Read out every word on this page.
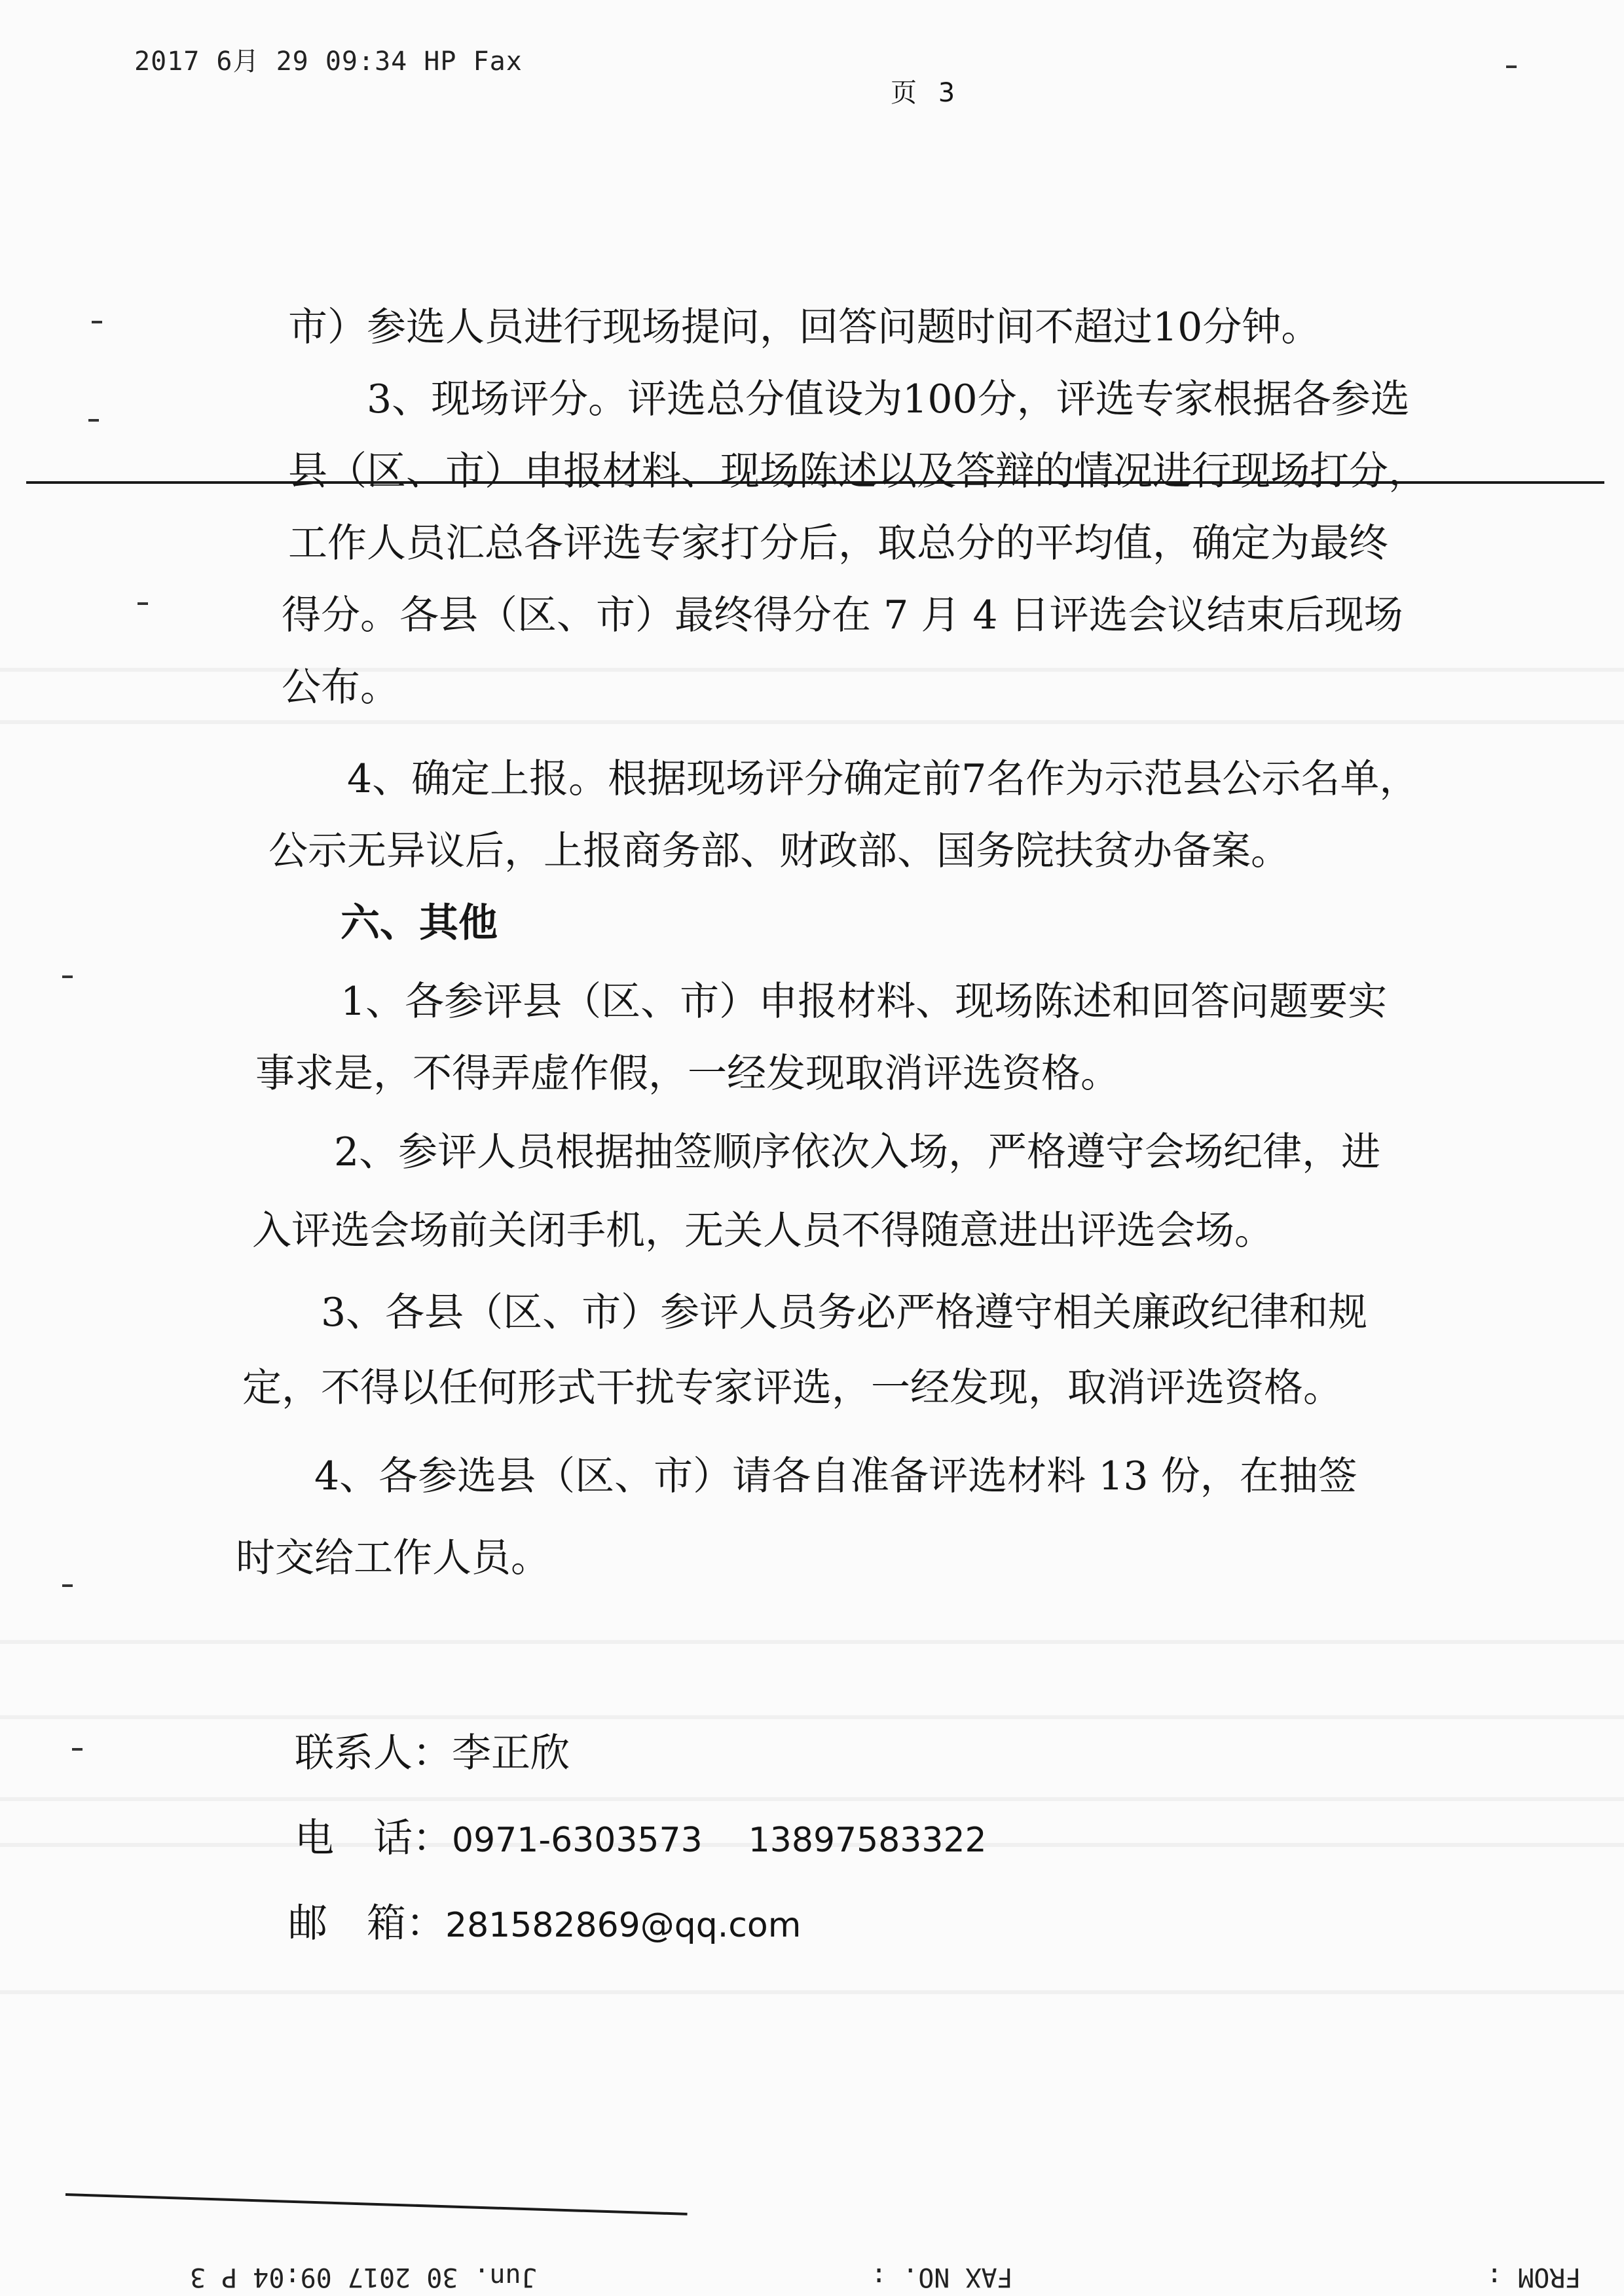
2017 6月 29 09:34 HP Fax
页 3
市）参选人员进行现场提问，回答问题时间不超过10分钟。
3、现场评分。评选总分值设为100分，评选专家根据各参选
县（区、市）申报材料、现场陈述以及答辩的情况进行现场打分，
工作人员汇总各评选专家打分后，取总分的平均值，确定为最终
得分。各县（区、市）最终得分在 7 月 4 日评选会议结束后现场
公布。
4、确定上报。根据现场评分确定前7名作为示范县公示名单，
公示无异议后，上报商务部、财政部、国务院扶贫办备案。
六、其他
1、各参评县（区、市）申报材料、现场陈述和回答问题要实
事求是，不得弄虚作假，一经发现取消评选资格。
2、参评人员根据抽签顺序依次入场，严格遵守会场纪律，进
入评选会场前关闭手机，无关人员不得随意进出评选会场。
3、各县（区、市）参评人员务必严格遵守相关廉政纪律和规
定，不得以任何形式干扰专家评选，一经发现，取消评选资格。
4、各参选县（区、市）请各自准备评选材料 13 份，在抽签
时交给工作人员。
联系人：李正欣
电　话：0971-6303573 13897583322
邮　箱：281582869@qq.com
FROM :
FAX NO. :
Jun. 30 2017 09:04 P 3
